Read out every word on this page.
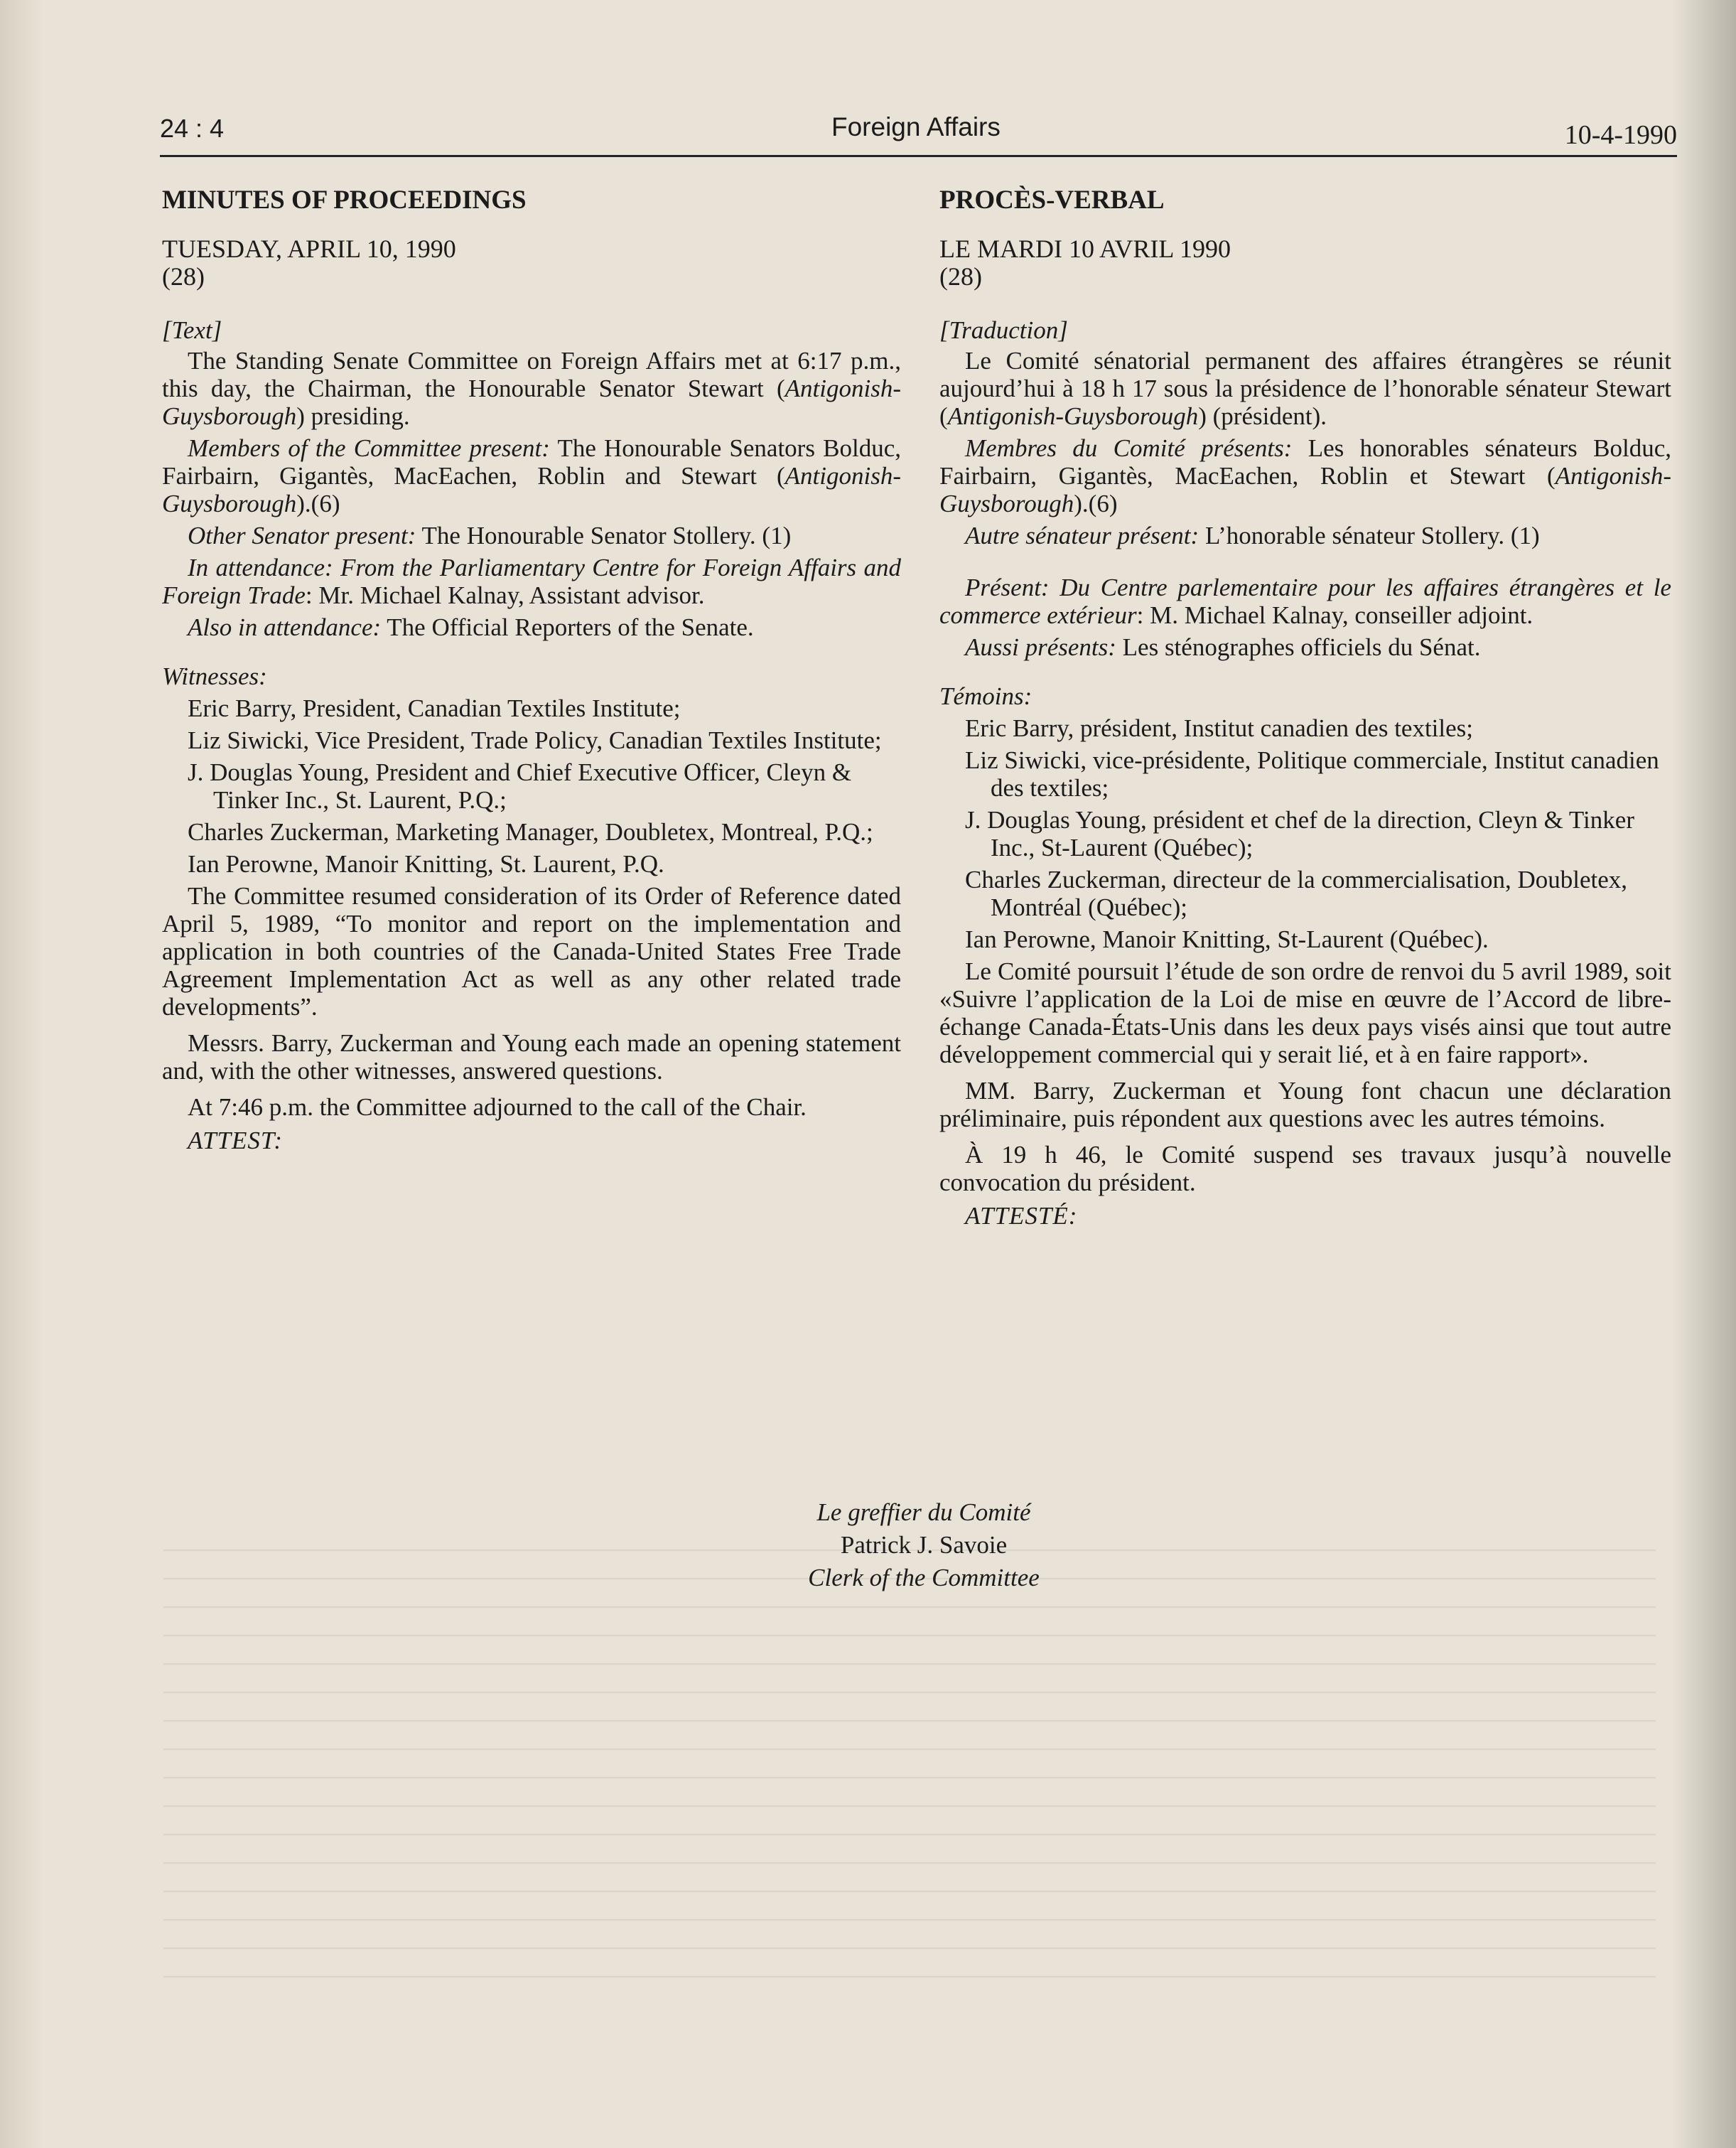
24 : 4	Foreign Affairs	10-4-1990
MINUTES OF PROCEEDINGS
TUESDAY, APRIL 10, 1990
(28)

[Text]

The Standing Senate Committee on Foreign Affairs met at 6:17 p.m., this day, the Chairman, the Honourable Senator Stewart (Antigonish-Guysborough) presiding.

Members of the Committee present: The Honourable Senators Bolduc, Fairbairn, Gigantès, MacEachen, Roblin and Stewart (Antigonish-Guysborough).(6)

Other Senator present: The Honourable Senator Stollery. (1)

In attendance: From the Parliamentary Centre for Foreign Affairs and Foreign Trade: Mr. Michael Kalnay, Assistant advisor.

Also in attendance: The Official Reporters of the Senate.

Witnesses:

Eric Barry, President, Canadian Textiles Institute;

Liz Siwicki, Vice President, Trade Policy, Canadian Textiles Institute;

J. Douglas Young, President and Chief Executive Officer, Cleyn & Tinker Inc., St. Laurent, P.Q.;

Charles Zuckerman, Marketing Manager, Doubletex, Montreal, P.Q.;

Ian Perowne, Manoir Knitting, St. Laurent, P.Q.

The Committee resumed consideration of its Order of Reference dated April 5, 1989, “To monitor and report on the implementation and application in both countries of the Canada-United States Free Trade Agreement Implementation Act as well as any other related trade developments”.

Messrs. Barry, Zuckerman and Young each made an opening statement and, with the other witnesses, answered questions.

At 7:46 p.m. the Committee adjourned to the call of the Chair.

ATTEST:

PROCÈS-VERBAL
LE MARDI 10 AVRIL 1990
(28)

[Traduction]

Le Comité sénatorial permanent des affaires étrangères se réunit aujourd’hui à 18 h 17 sous la présidence de l’honorable sénateur Stewart (Antigonish-Guysborough) (président).

Membres du Comité présents: Les honorables sénateurs Bolduc, Fairbairn, Gigantès, MacEachen, Roblin et Stewart (Antigonish-Guysborough).(6)

Autre sénateur présent: L’honorable sénateur Stollery. (1)

Présent: Du Centre parlementaire pour les affaires étrangères et le commerce extérieur: M. Michael Kalnay, conseiller adjoint.

Aussi présents: Les sténographes officiels du Sénat.

Témoins:

Eric Barry, président, Institut canadien des textiles;

Liz Siwicki, vice-présidente, Politique commerciale, Institut canadien des textiles;

J. Douglas Young, président et chef de la direction, Cleyn & Tinker Inc., St-Laurent (Québec);

Charles Zuckerman, directeur de la commercialisation, Doubletex, Montréal (Québec);

Ian Perowne, Manoir Knitting, St-Laurent (Québec).

Le Comité poursuit l’étude de son ordre de renvoi du 5 avril 1989, soit «Suivre l’application de la Loi de mise en œuvre de l’Accord de libre-échange Canada-États-Unis dans les deux pays visés ainsi que tout autre développement commercial qui y serait lié, et à en faire rapport».

MM. Barry, Zuckerman et Young font chacun une déclaration préliminaire, puis répondent aux questions avec les autres témoins.

À 19 h 46, le Comité suspend ses travaux jusqu’à nouvelle convocation du président.

ATTESTÉ:

Le greffier du Comité
Patrick J. Savoie
Clerk of the Committee
